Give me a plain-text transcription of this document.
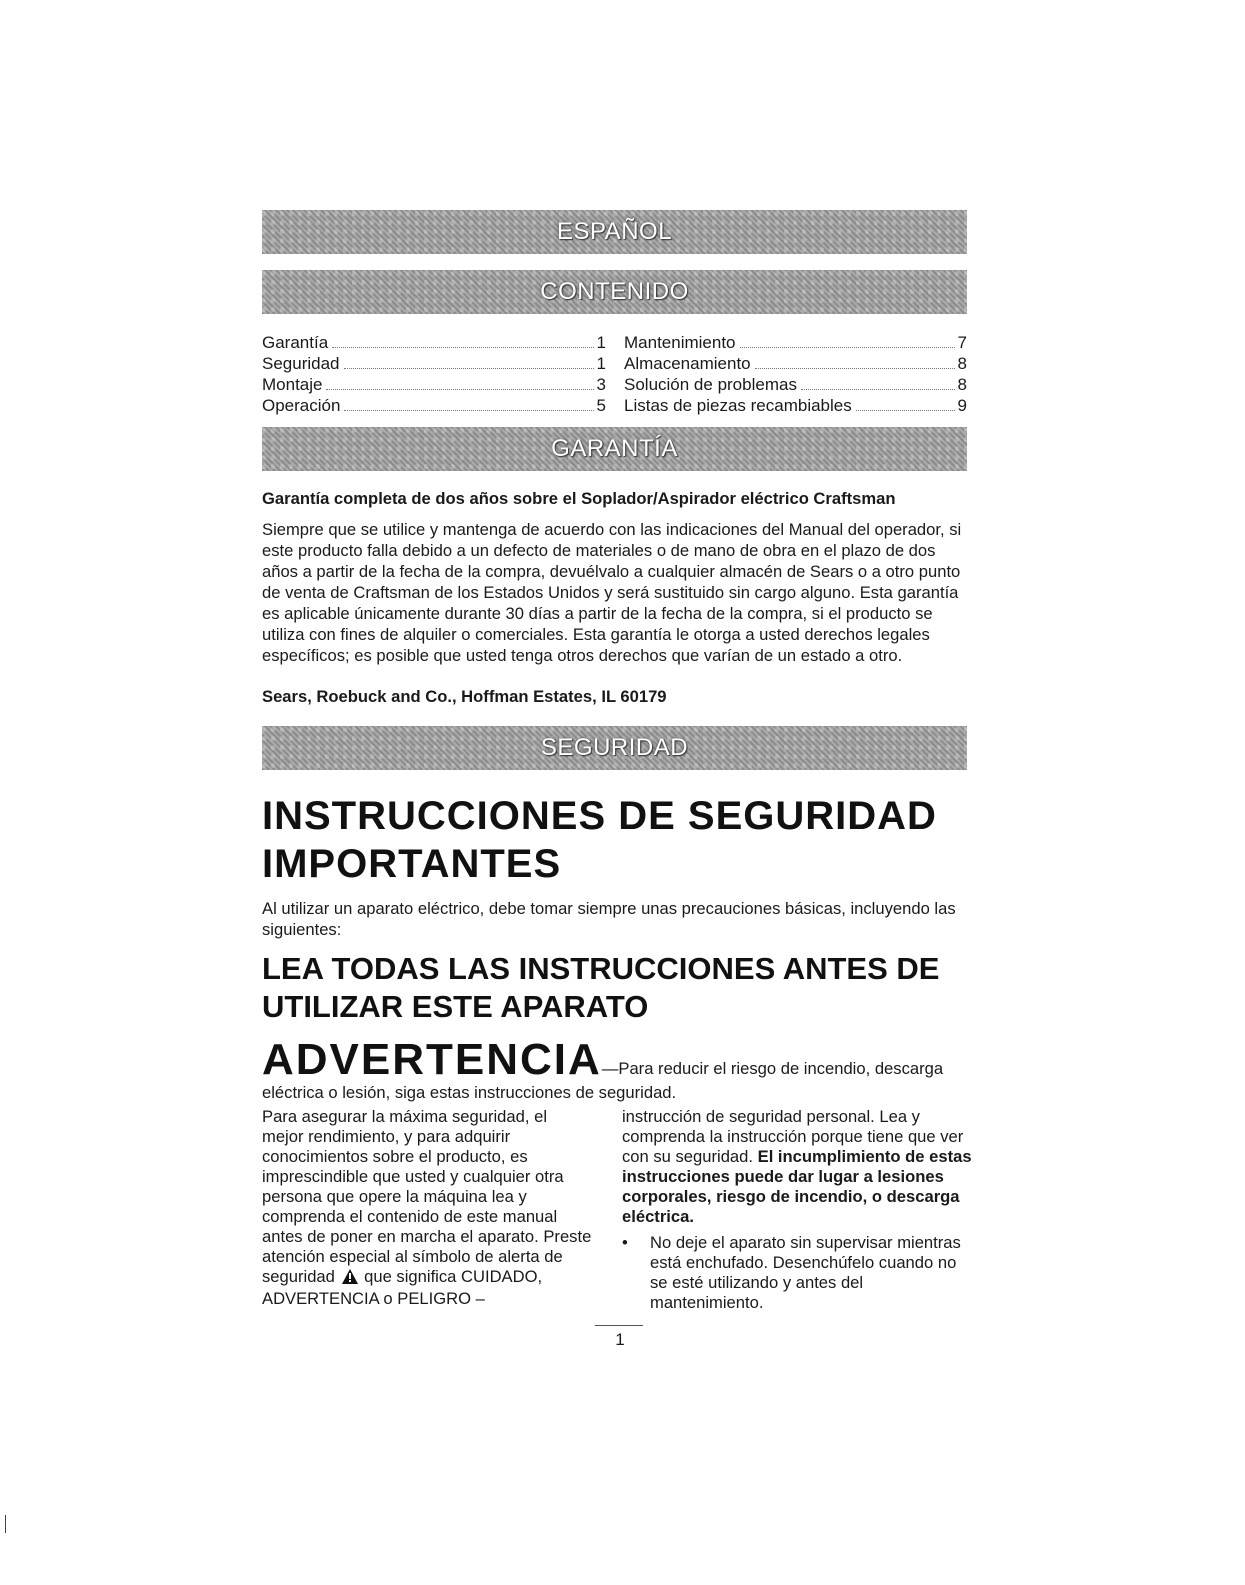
ESPAÑOL
CONTENIDO
Garantía	1
Seguridad	1
Montaje	3
Operación	5
Mantenimiento	7
Almacenamiento	8
Solución de problemas	8
Listas de piezas recambiables	9
GARANTÍA

Garantía completa de dos años sobre el Soplador/Aspirador eléctrico Craftsman

Siempre que se utilice y mantenga de acuerdo con las indicaciones del Manual del operador, si este producto falla debido a un defecto de materiales o de mano de obra en el plazo de dos años a partir de la fecha de la compra, devuélvalo a cualquier almacén de Sears o a otro punto de venta de Craftsman de los Estados Unidos y será sustituido sin cargo alguno. Esta garantía es aplicable únicamente durante 30 días a partir de la fecha de la compra, si el producto se utiliza con fines de alquiler o comerciales. Esta garantía le otorga a usted derechos legales específicos; es posible que usted tenga otros derechos que varían de un estado a otro.

Sears, Roebuck and Co., Hoffman Estates, IL 60179

SEGURIDAD
INSTRUCCIONES DE SEGURIDAD IMPORTANTES

Al utilizar un aparato eléctrico, debe tomar siempre unas precauciones básicas, incluyendo las siguientes:

LEA TODAS LAS INSTRUCCIONES ANTES DE UTILIZAR ESTE APARATO

ADVERTENCIA—Para reducir el riesgo de incendio, descarga eléctrica o lesión, siga estas instrucciones de seguridad.

Para asegurar la máxima seguridad, el mejor rendimiento, y para adquirir conocimientos sobre el producto, es imprescindible que usted y cualquier otra persona que opere la máquina lea y comprenda el contenido de este manual antes de poner en marcha el aparato. Preste atención especial al símbolo de alerta de seguridad que significa CUIDADO, ADVERTENCIA o PELIGRO –
instrucción de seguridad personal. Lea y comprenda la instrucción porque tiene que ver con su seguridad. El incumplimiento de estas instrucciones puede dar lugar a lesiones corporales, riesgo de incendio, o descarga eléctrica.
•	No deje el aparato sin supervisar mientras está enchufado. Desenchúfelo cuando no se esté utilizando y antes del mantenimiento.
1
